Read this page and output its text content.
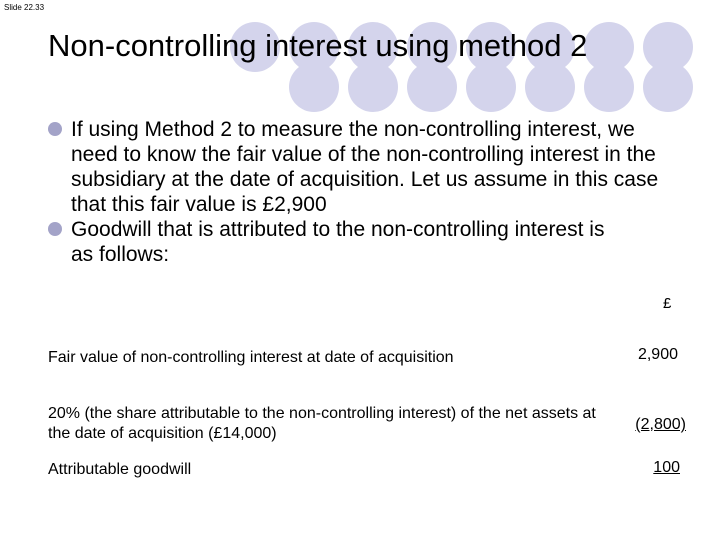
Slide 22.33
Non-controlling interest using method 2

If using Method 2 to measure the non-controlling interest, we need to know the fair value of the non-controlling interest in the subsidiary at the date of acquisition. Let us assume in this case that this fair value is £2,900

Goodwill that is attributed to the non-controlling interest is as follows:

£
Fair value of non-controlling interest at date of acquisition	2,900
20% (the share attributable to the non-controlling interest) of the net assets at the date of acquisition (£14,000)
(2,800)
Attributable goodwill	100
